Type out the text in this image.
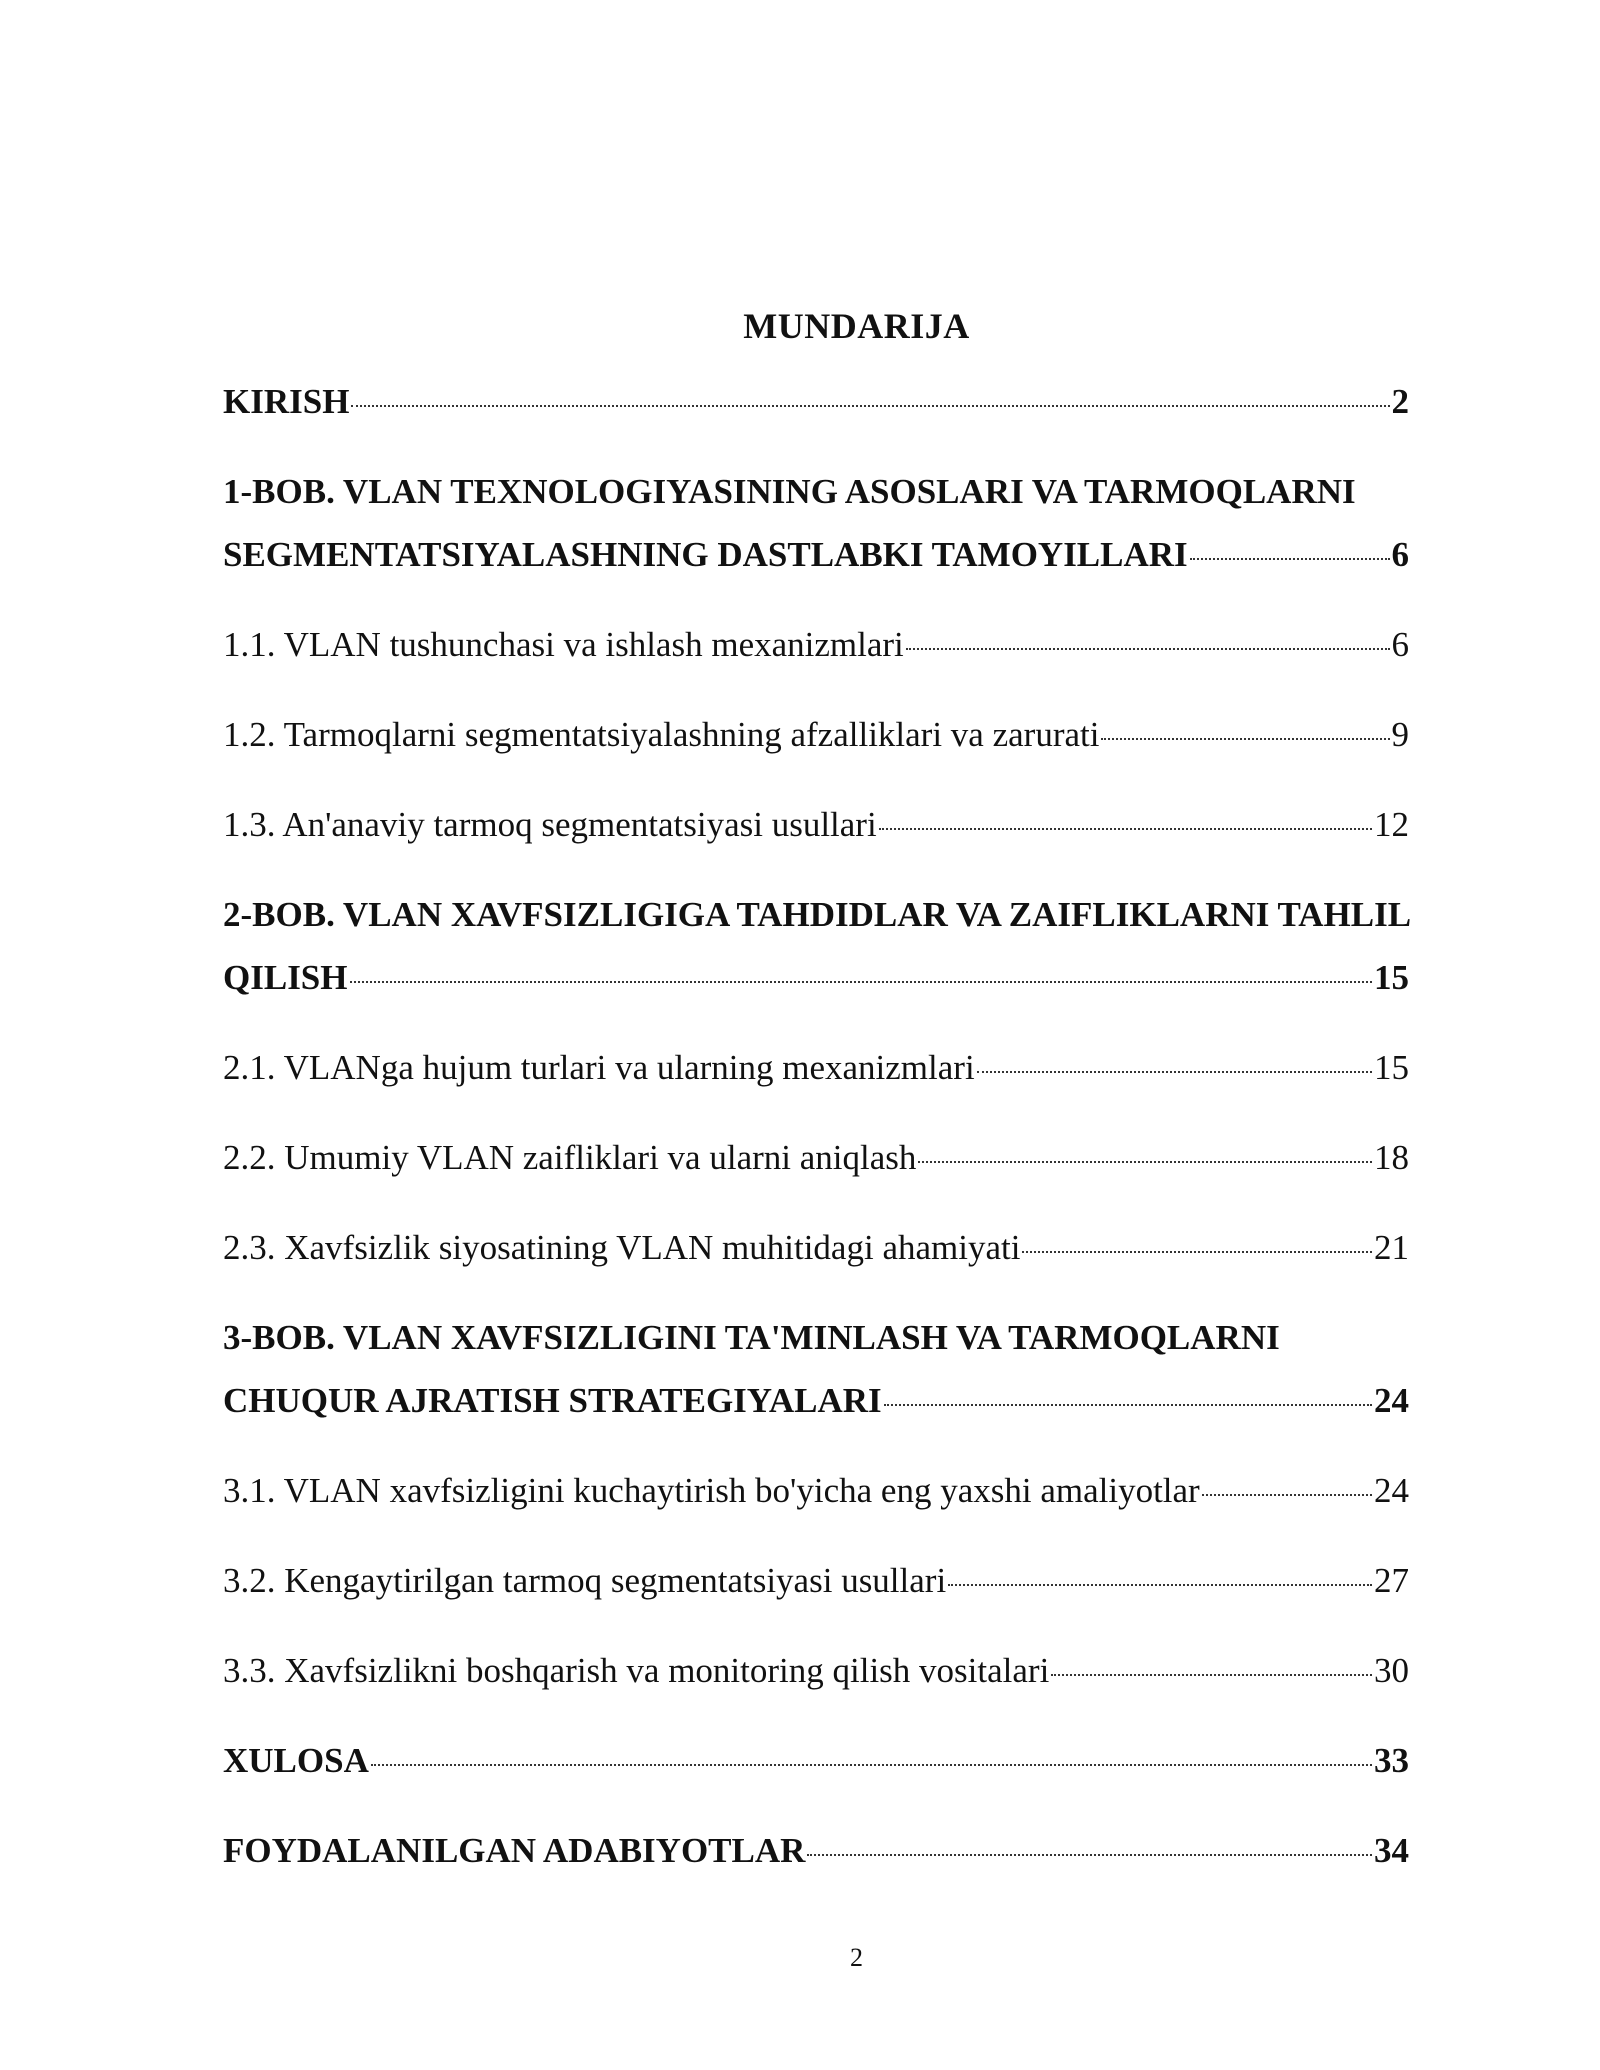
MUNDARIJA
KIRISH	2
1-BOB. VLAN TEXNOLOGIYASINING ASOSLARI VA TARMOQLARNI
SEGMENTATSIYALASHNING DASTLABKI TAMOYILLARI	6
1.1. VLAN tushunchasi va ishlash mexanizmlari	6
1.2. Tarmoqlarni segmentatsiyalashning afzalliklari va zarurati	9
1.3. An'anaviy tarmoq segmentatsiyasi usullari	12
2-BOB. VLAN XAVFSIZLIGIGA TAHDIDLAR VA ZAIFLIKLARNI TAHLIL
QILISH	15
2.1. VLANga hujum turlari va ularning mexanizmlari	15
2.2. Umumiy VLAN zaifliklari va ularni aniqlash	18
2.3. Xavfsizlik siyosatining VLAN muhitidagi ahamiyati	21
3-BOB. VLAN XAVFSIZLIGINI TA'MINLASH VA TARMOQLARNI
CHUQUR AJRATISH STRATEGIYALARI	24
3.1. VLAN xavfsizligini kuchaytirish bo'yicha eng yaxshi amaliyotlar	24
3.2. Kengaytirilgan tarmoq segmentatsiyasi usullari	27
3.3. Xavfsizlikni boshqarish va monitoring qilish vositalari	30
XULOSA	33
FOYDALANILGAN ADABIYOTLAR	34
2
